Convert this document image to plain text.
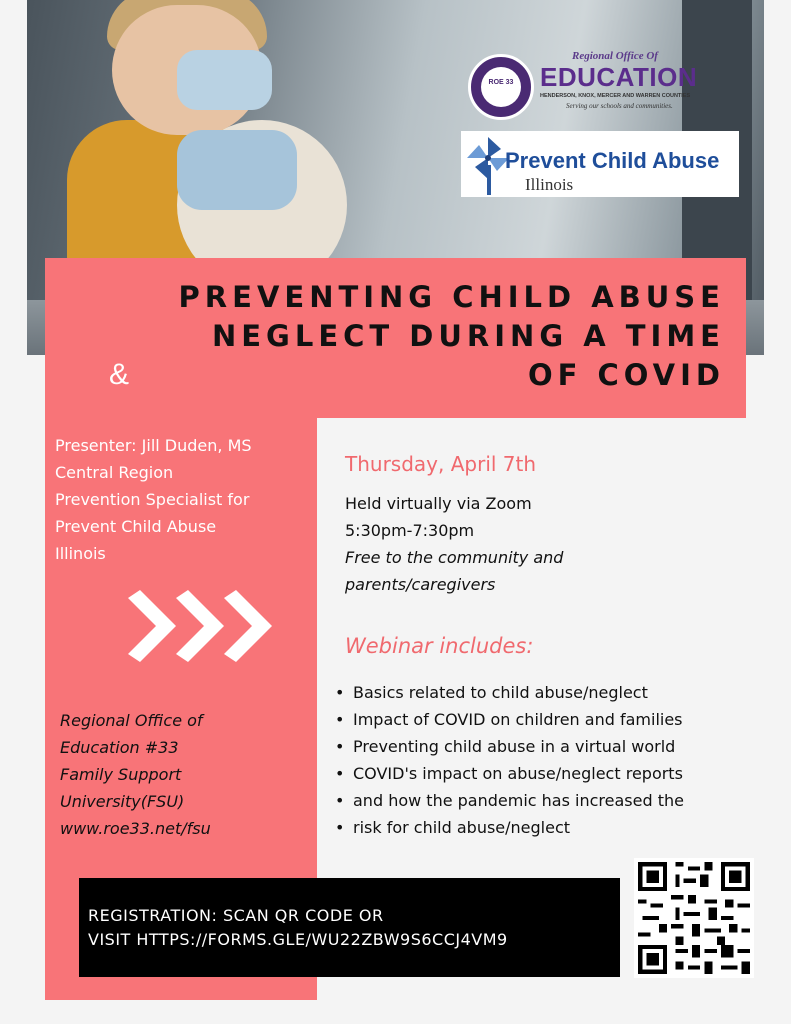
ROE 33
Regional Office Of
EDUCATION
HENDERSON, KNOX, MERCER AND WARREN COUNTIES
Serving our schools and communities.
Prevent Child Abuse
Illinois
&
PREVENTING CHILD ABUSE
NEGLECT DURING A TIME
OF COVID
Presenter: Jill Duden, MS
Central Region
Prevention Specialist for
Prevent Child Abuse
Illinois
Regional Office of
Education #33
Family Support
University(FSU)
www.roe33.net/fsu
Thursday, April 7th
Held virtually via Zoom
5:30pm-7:30pm
Free to the community and
parents/caregivers
Webinar includes:
• Basics related to child abuse/neglect
• Impact of COVID on children and families
• Preventing child abuse in a virtual world
• COVID's impact on abuse/neglect reports
• and how the pandemic has increased the
• risk for child abuse/neglect
REGISTRATION: SCAN QR CODE OR
VISIT HTTPS://FORMS.GLE/WU22ZBW9S6CCJ4VM9
